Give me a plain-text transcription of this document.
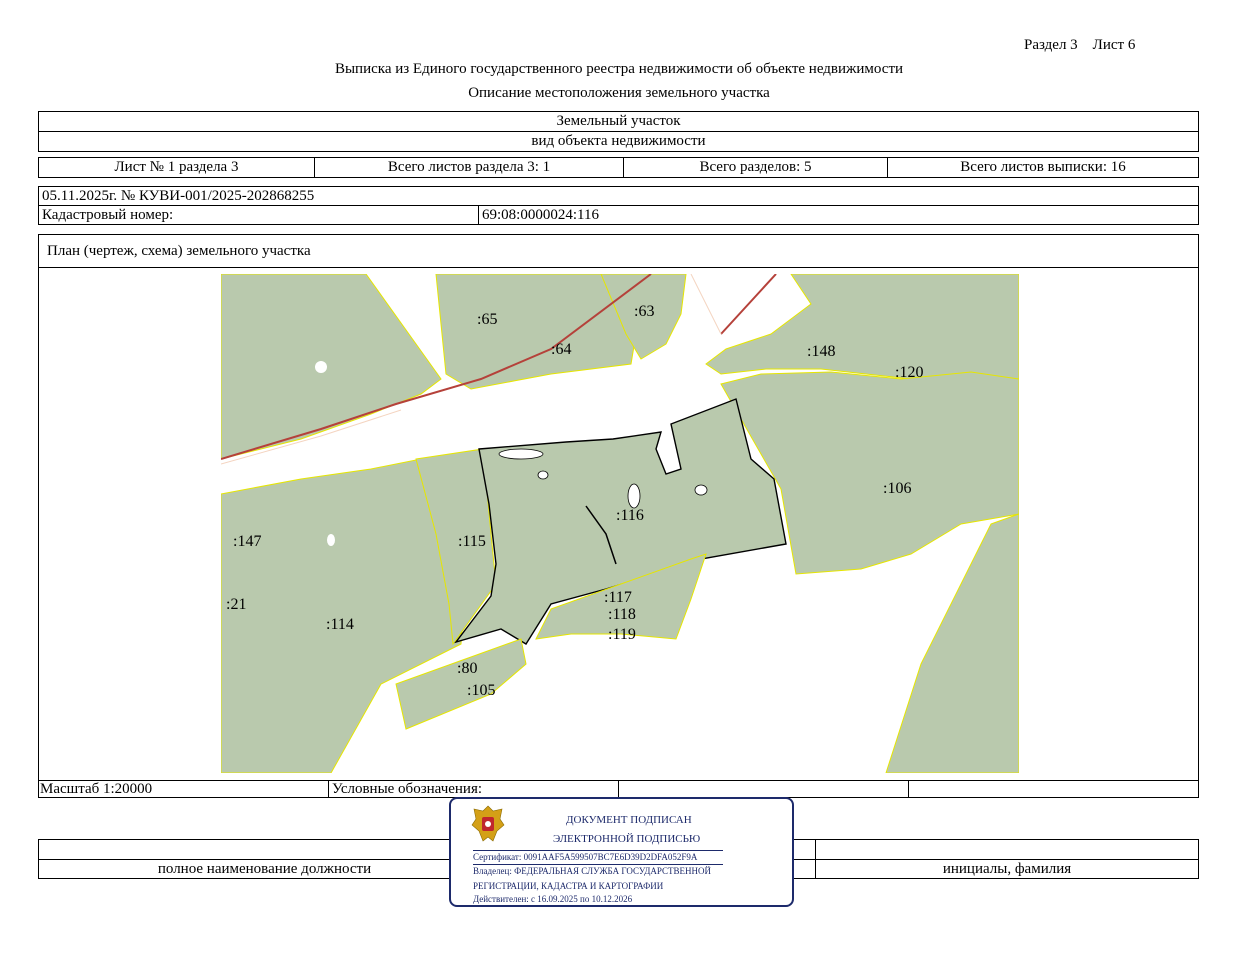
Раздел 3    Лист 6
Выписка из Единого государственного реестра недвижимости об объекте недвижимости
Описание местоположения земельного участка
Земельный участок
вид объекта недвижимости
Лист № 1 раздела 3	Всего листов раздела 3: 1	Всего разделов: 5	Всего листов выписки: 16
05.11.2025г. № КУВИ-001/2025-202868255
Кадастровый номер:	69:08:0000024:116
План (чертеж, схема) земельного участка
:65	:63
:64	:148
:120
:106
:116
:147	:115
:21
:114
:117
:118
:119
:80
:105
Масштаб 1:20000	Условные обозначения:
полное наименование должности	инициалы, фамилия
ДОКУМЕНТ ПОДПИСАН
ЭЛЕКТРОННОЙ ПОДПИСЬЮ
Сертификат: 0091AAF5A599507BC7E6D39D2DFA052F9A
Владелец: ФЕДЕРАЛЬНАЯ СЛУЖБА ГОСУДАРСТВЕННОЙ
РЕГИСТРАЦИИ, КАДАСТРА И КАРТОГРАФИИ
Действителен: с 16.09.2025 по 10.12.2026
